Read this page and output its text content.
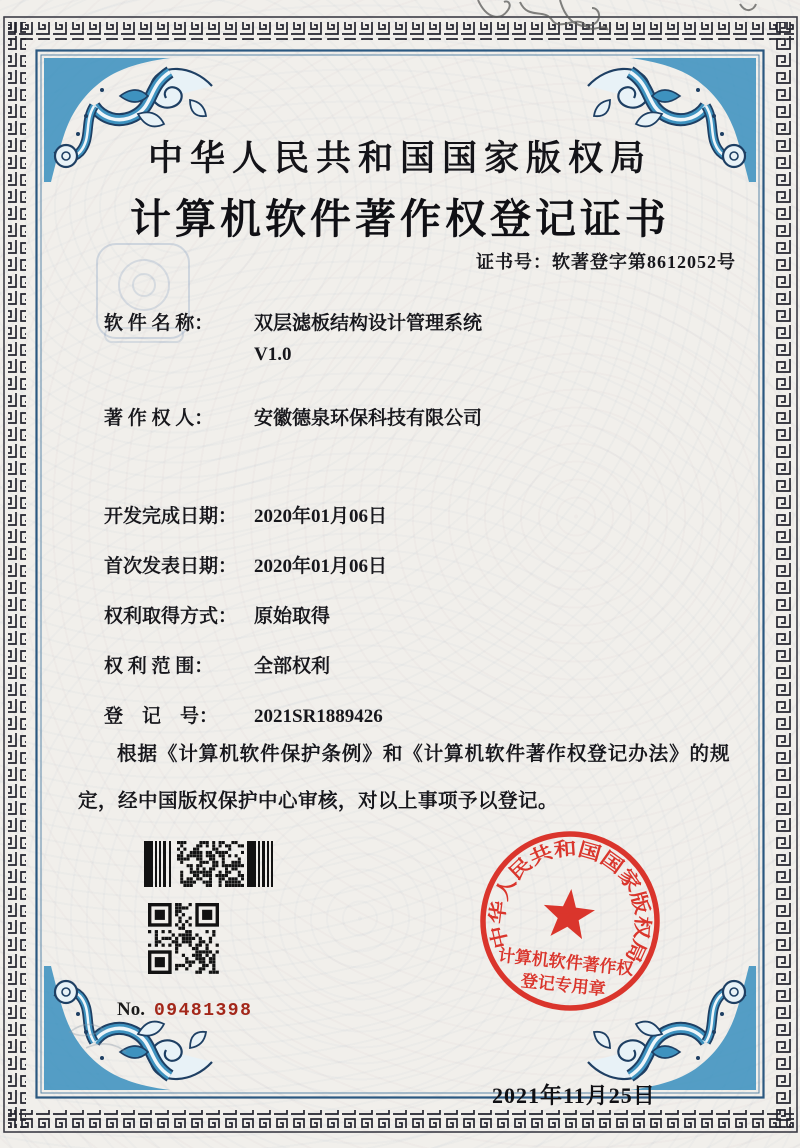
中华人民共和国国家版权局
计算机软件著作权登记证书
证书号：软著登字第8612052号

软 件 名 称： 双层滤板结构设计管理系统
V1.0

著 作 权 人： 安徽德泉环保科技有限公司

开发完成日期： 2020年01月06日

首次发表日期： 2020年01月06日

权利取得方式： 原始取得

权 利 范 围： 全部权利

登　记　号： 2021SR1889426

根据《计算机软件保护条例》和《计算机软件著作权登记办法》的规定，经中国版权保护中心审核，对以上事项予以登记。
No. 09481398
中华人民共和国国家版权局
计算机软件著作权
登记专用章
2021年11月25日
